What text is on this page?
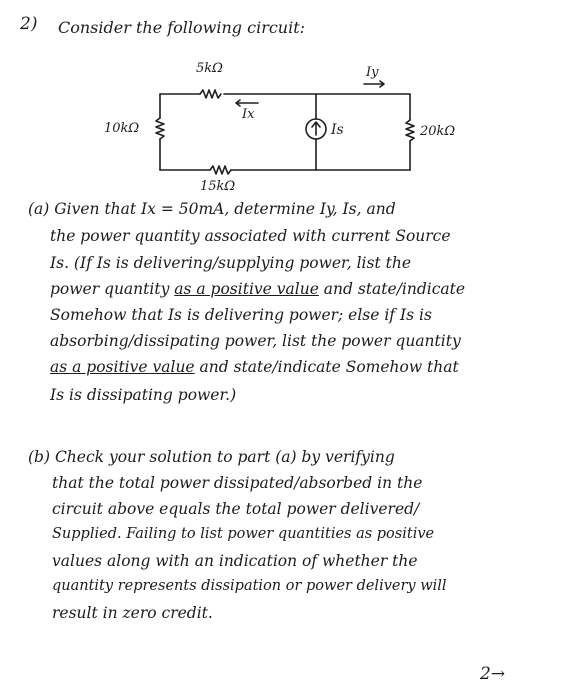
2) Consider the following circuit:
5kΩ
10kΩ	20kΩ
15kΩ
Ix
Iy
Is
(a) Given that Ix = 50mA, determine Iy, Is, and
the power quantity associated with current Source
Is. (If Is is delivering/supplying power, list the
power quantity as a positive value and state/indicate
Somehow that Is is delivering power; else if Is is
absorbing/dissipating power, list the power quantity
as a positive value and state/indicate Somehow that
Is is dissipating power.)
(b) Check your solution to part (a) by verifying
that the total power dissipated/absorbed in the
circuit above equals the total power delivered/
Supplied. Failing to list power quantities as positive
values along with an indication of whether the
quantity represents dissipation or power delivery will
result in zero credit.
2→
